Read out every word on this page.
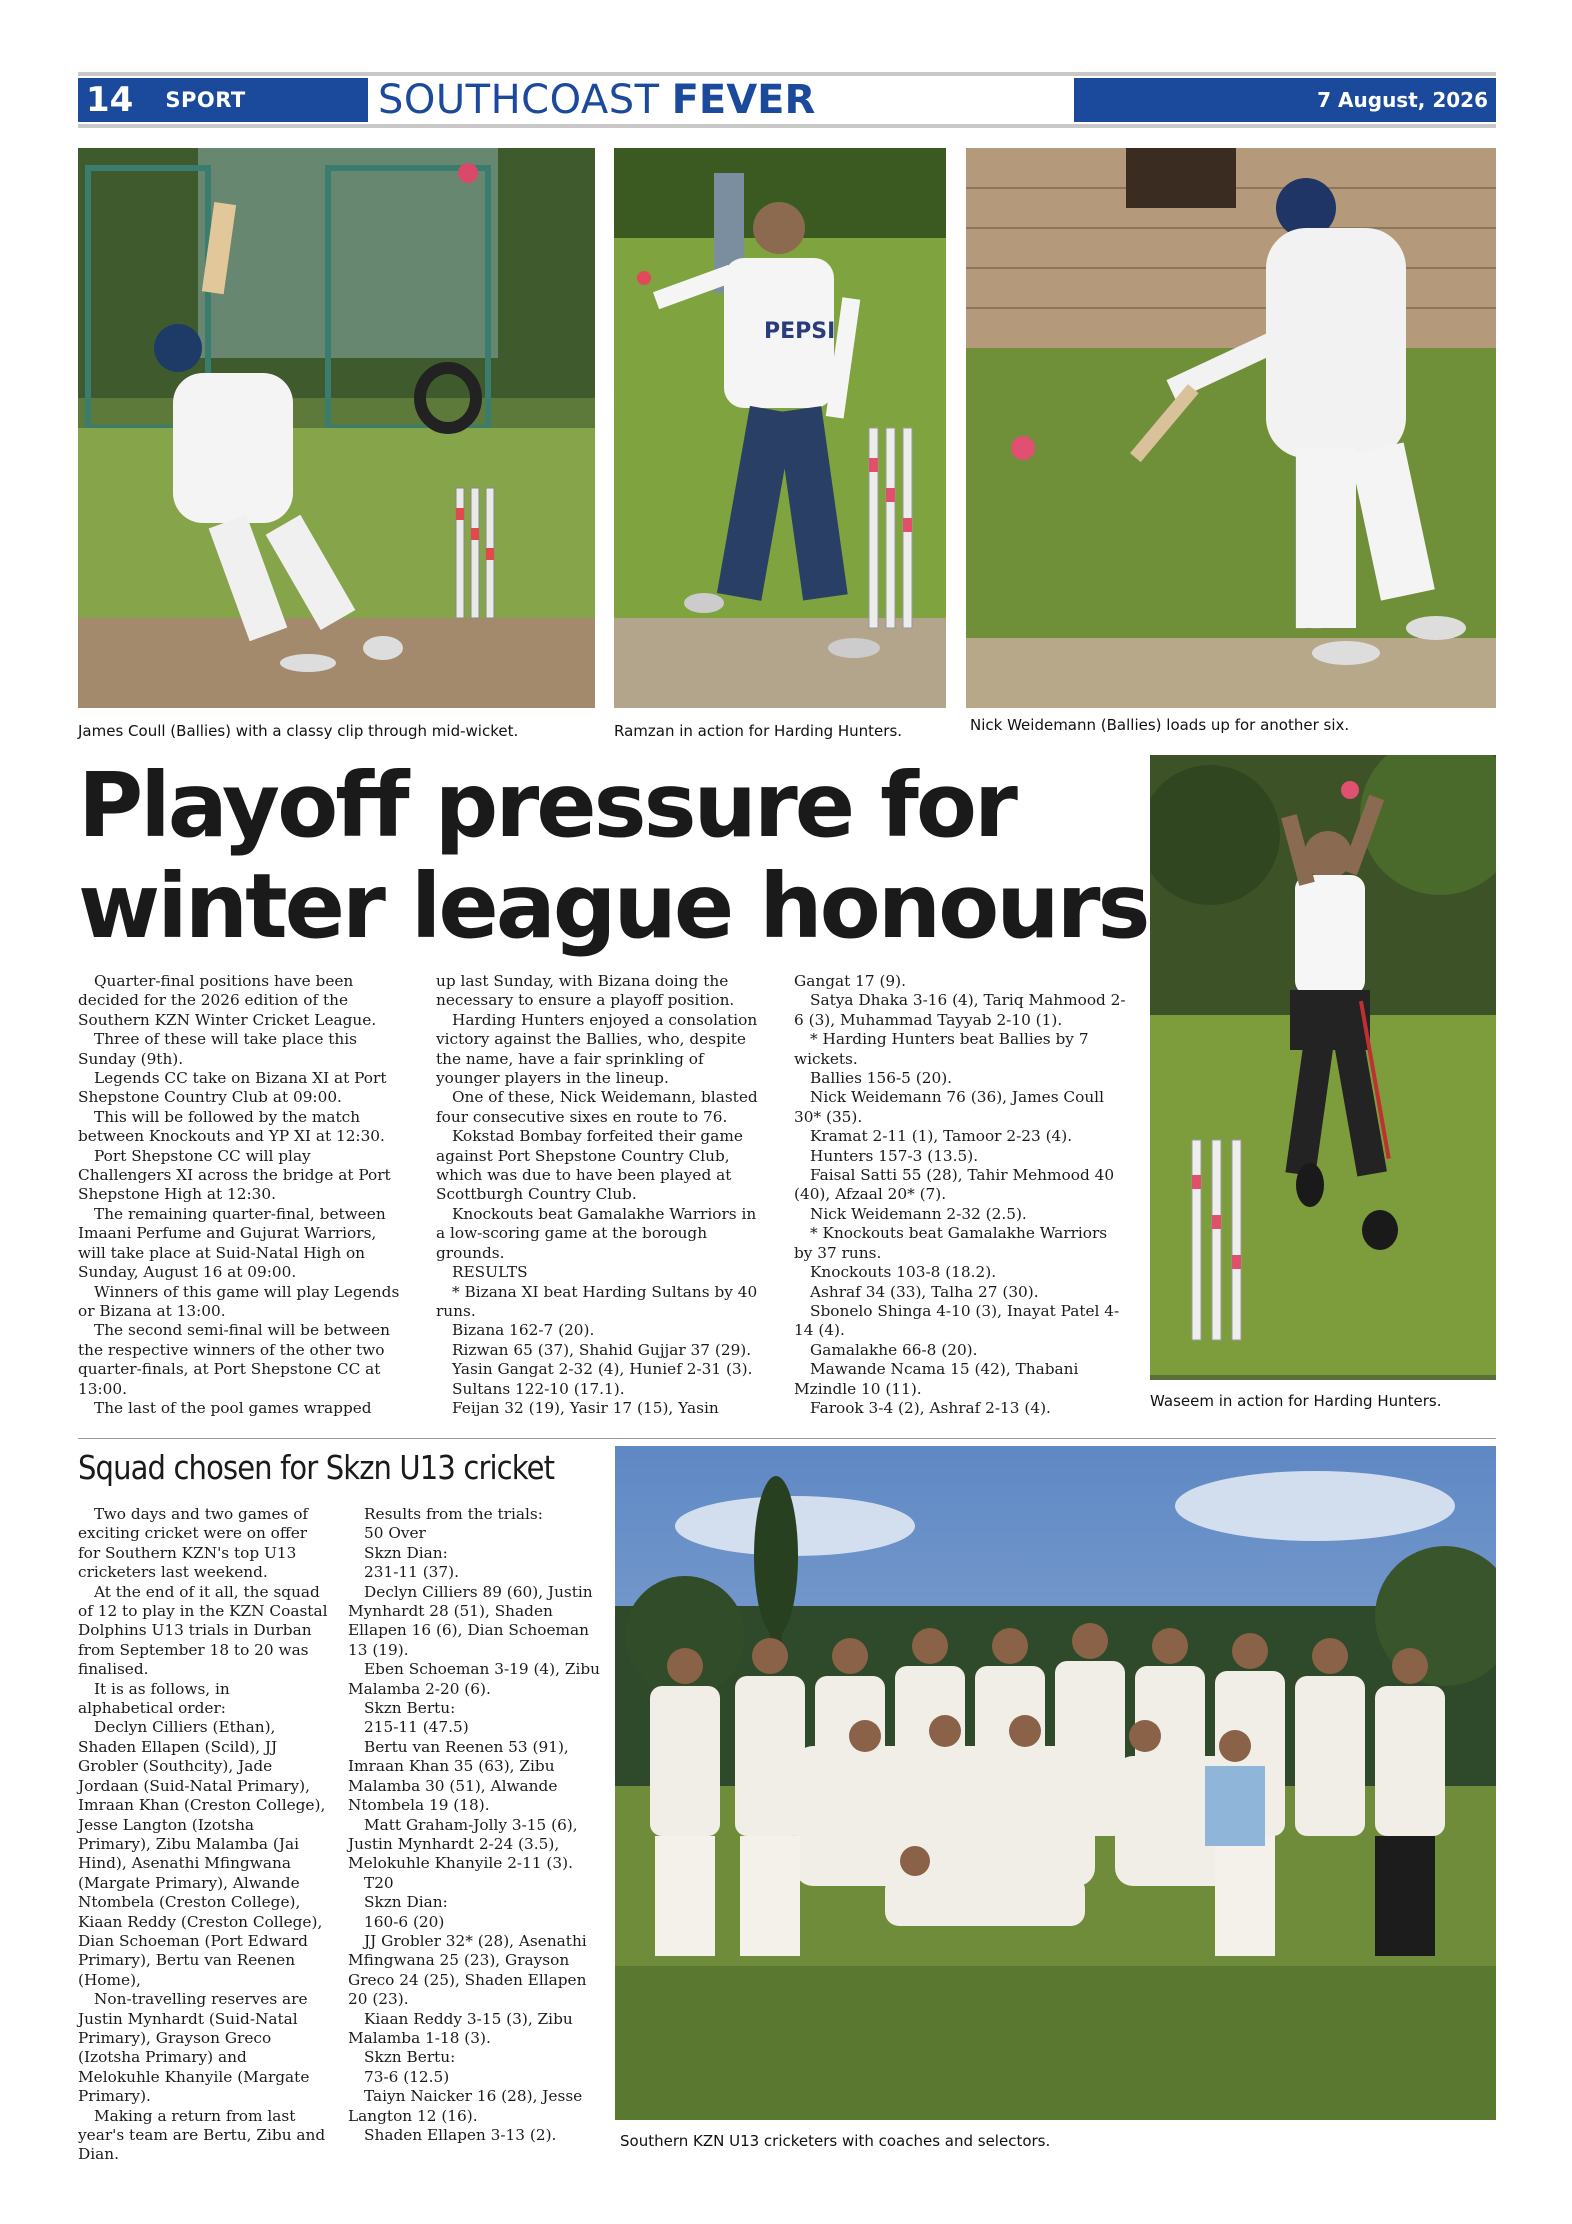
14 SPORT	SOUTHCOAST FEVER	7 August, 2026
James Coull (Ballies) with a classy clip through mid-wicket.
PEPSI
Ramzan in action for Harding Hunters.	Nick Weidemann (Ballies) loads up for another six.
Playoff pressure for
winter league honours
Waseem in action for Harding Hunters.

Quarter-final positions have been decided for the 2026 edition of the Southern KZN Winter Cricket League.

Three of these will take place this Sunday (9th).

Legends CC take on Bizana XI at Port Shepstone Country Club at 09:00.

This will be followed by the match between Knockouts and YP XI at 12:30.

Port Shepstone CC will play Challengers XI across the bridge at Port Shepstone High at 12:30.

The remaining quarter-final, between Imaani Perfume and Gujurat Warriors, will take place at Suid-Natal High on Sunday, August 16 at 09:00.

Winners of this game will play Legends or Bizana at 13:00.

The second semi-final will be between the respective winners of the other two quarter-finals, at Port Shepstone CC at 13:00.

The last of the pool games wrapped

up last Sunday, with Bizana doing the necessary to ensure a playoff position.

Harding Hunters enjoyed a consolation victory against the Ballies, who, despite the name, have a fair sprinkling of younger players in the lineup.

One of these, Nick Weidemann, blasted four consecutive sixes en route to 76.

Kokstad Bombay forfeited their game against Port Shepstone Country Club, which was due to have been played at Scottburgh Country Club.

Knockouts beat Gamalakhe Warriors in a low-scoring game at the borough grounds.

RESULTS

* Bizana XI beat Harding Sultans by 40 runs.

Bizana 162-7 (20).

Rizwan 65 (37), Shahid Gujjar 37 (29).

Yasin Gangat 2-32 (4), Hunief 2-31 (3).

Sultans 122-10 (17.1).

Feijan 32 (19), Yasir 17 (15), Yasin

Gangat 17 (9).

Satya Dhaka 3-16 (4), Tariq Mahmood 2-6 (3), Muhammad Tayyab 2-10 (1).

* Harding Hunters beat Ballies by 7 wickets.

Ballies 156-5 (20).

Nick Weidemann 76 (36), James Coull 30* (35).

Kramat 2-11 (1), Tamoor 2-23 (4).

Hunters 157-3 (13.5).

Faisal Satti 55 (28), Tahir Mehmood 40 (40), Afzaal 20* (7).

Nick Weidemann 2-32 (2.5).

* Knockouts beat Gamalakhe Warriors by 37 runs.

Knockouts 103-8 (18.2).

Ashraf 34 (33), Talha 27 (30).

Sbonelo Shinga 4-10 (3), Inayat Patel 4-14 (4).

Gamalakhe 66-8 (20).

Mawande Ncama 15 (42), Thabani Mzindle 10 (11).

Farook 3-4 (2), Ashraf 2-13 (4).

Squad chosen for Skzn U13 cricket

Two days and two games of exciting cricket were on offer for Southern KZN's top U13 cricketers last weekend.

At the end of it all, the squad of 12 to play in the KZN Coastal Dolphins U13 trials in Durban from September 18 to 20 was finalised.

It is as follows, in alphabetical order:

Declyn Cilliers (Ethan), Shaden Ellapen (Scild), JJ Grobler (Southcity), Jade Jordaan (Suid-Natal Primary), Imraan Khan (Creston College), Jesse Langton (Izotsha Primary), Zibu Malamba (Jai Hind), Asenathi Mfingwana (Margate Primary), Alwande Ntombela (Creston College), Kiaan Reddy (Creston College), Dian Schoeman (Port Edward Primary), Bertu van Reenen (Home),

Non-travelling reserves are Justin Mynhardt (Suid-Natal Primary), Grayson Greco (Izotsha Primary) and Melokuhle Khanyile (Margate Primary).

Making a return from last year's team are Bertu, Zibu and Dian.

Results from the trials:

50 Over

Skzn Dian:

231-11 (37).

Declyn Cilliers 89 (60), Justin Mynhardt 28 (51), Shaden Ellapen 16 (6), Dian Schoeman 13 (19).

Eben Schoeman 3-19 (4), Zibu Malamba 2-20 (6).

Skzn Bertu:

215-11 (47.5)

Bertu van Reenen 53 (91), Imraan Khan 35 (63), Zibu Malamba 30 (51), Alwande Ntombela 19 (18).

Matt Graham-Jolly 3-15 (6), Justin Mynhardt 2-24 (3.5), Melokuhle Khanyile 2-11 (3).

T20

Skzn Dian:

160-6 (20)

JJ Grobler 32* (28), Asenathi Mfingwana 25 (23), Grayson Greco 24 (25), Shaden Ellapen 20 (23).

Kiaan Reddy 3-15 (3), Zibu Malamba 1-18 (3).

Skzn Bertu:

73-6 (12.5)

Taiyn Naicker 16 (28), Jesse Langton 12 (16).

Shaden Ellapen 3-13 (2).	Southern KZN U13 cricketers with coaches and selectors.
